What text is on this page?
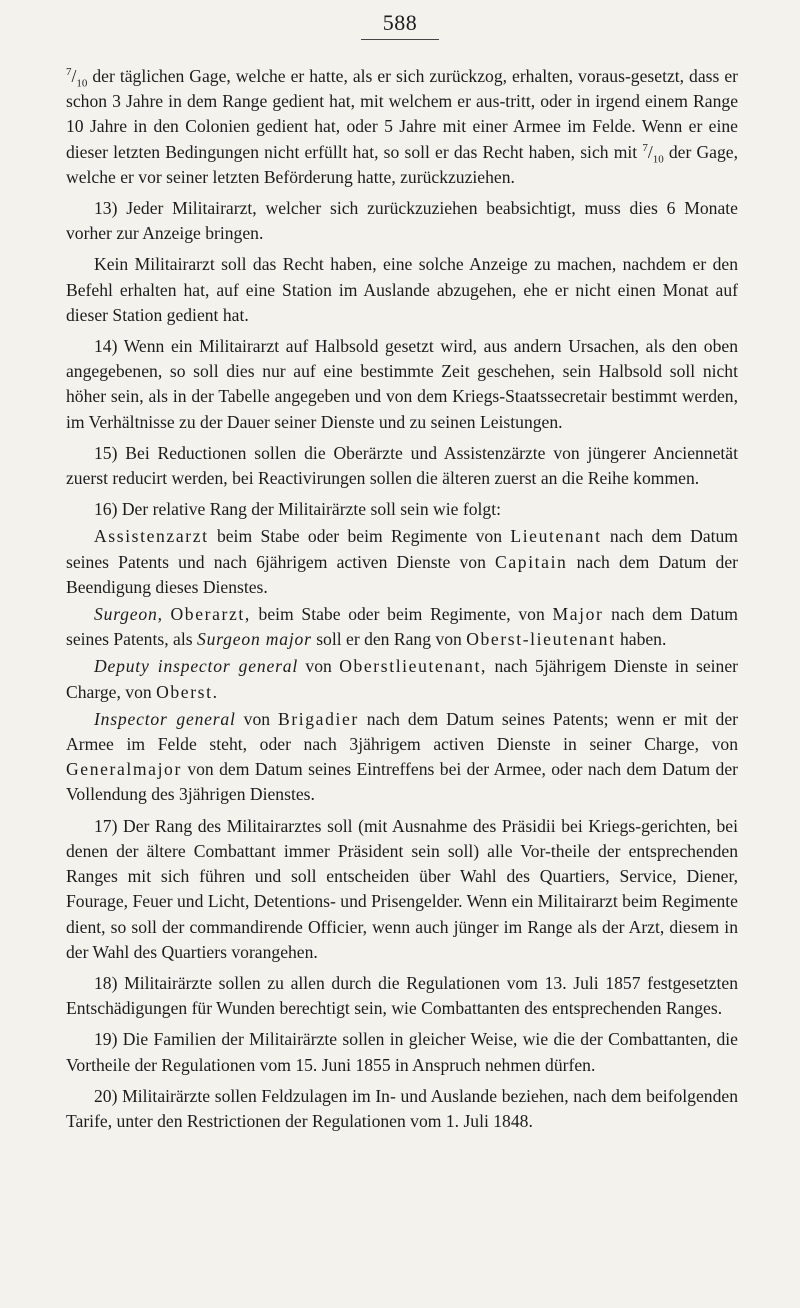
588

$^7/_{10}$ der täglichen Gage, welche er hatte, als er sich zurückzog, erhalten, voraus-gesetzt, dass er schon 3 Jahre in dem Range gedient hat, mit welchem er aus-tritt, oder in irgend einem Range 10 Jahre in den Colonien gedient hat, oder 5 Jahre mit einer Armee im Felde. Wenn er eine dieser letzten Bedingungen nicht erfüllt hat, so soll er das Recht haben, sich mit $^7/_{10}$ der Gage, welche er vor seiner letzten Beförderung hatte, zurückzuziehen.

13) Jeder Militairarzt, welcher sich zurückzuziehen beabsichtigt, muss dies 6 Monate vorher zur Anzeige bringen.

Kein Militairarzt soll das Recht haben, eine solche Anzeige zu machen, nachdem er den Befehl erhalten hat, auf eine Station im Auslande abzugehen, ehe er nicht einen Monat auf dieser Station gedient hat.

14) Wenn ein Militairarzt auf Halbsold gesetzt wird, aus andern Ursachen, als den oben angegebenen, so soll dies nur auf eine bestimmte Zeit geschehen, sein Halbsold soll nicht höher sein, als in der Tabelle angegeben und von dem Kriegs-Staatssecretair bestimmt werden, im Verhältnisse zu der Dauer seiner Dienste und zu seinen Leistungen.

15) Bei Reductionen sollen die Oberärzte und Assistenzärzte von jüngerer Anciennetät zuerst reducirt werden, bei Reactivirungen sollen die älteren zuerst an die Reihe kommen.

16) Der relative Rang der Militairärzte soll sein wie folgt:

Assistenzarzt beim Stabe oder beim Regimente von Lieutenant nach dem Datum seines Patents und nach 6jährigem activen Dienste von Capitain nach dem Datum der Beendigung dieses Dienstes.

Surgeon, Oberarzt, beim Stabe oder beim Regimente, von Major nach dem Datum seines Patents, als Surgeon major soll er den Rang von Oberst-lieutenant haben.

Deputy inspector general von Oberstlieutenant, nach 5jährigem Dienste in seiner Charge, von Oberst.

Inspector general von Brigadier nach dem Datum seines Patents; wenn er mit der Armee im Felde steht, oder nach 3jährigem activen Dienste in seiner Charge, von Generalmajor von dem Datum seines Eintreffens bei der Armee, oder nach dem Datum der Vollendung des 3jährigen Dienstes.

17) Der Rang des Militairarztes soll (mit Ausnahme des Präsidii bei Kriegs-gerichten, bei denen der ältere Combattant immer Präsident sein soll) alle Vor-theile der entsprechenden Ranges mit sich führen und soll entscheiden über Wahl des Quartiers, Service, Diener, Fourage, Feuer und Licht, Detentions- und Prisengelder. Wenn ein Militairarzt beim Regimente dient, so soll der commandirende Officier, wenn auch jünger im Range als der Arzt, diesem in der Wahl des Quartiers vorangehen.

18) Militairärzte sollen zu allen durch die Regulationen vom 13. Juli 1857 festgesetzten Entschädigungen für Wunden berechtigt sein, wie Combattanten des entsprechenden Ranges.

19) Die Familien der Militairärzte sollen in gleicher Weise, wie die der Combattanten, die Vortheile der Regulationen vom 15. Juni 1855 in Anspruch nehmen dürfen.

20) Militairärzte sollen Feldzulagen im In- und Auslande beziehen, nach dem beifolgenden Tarife, unter den Restrictionen der Regulationen vom 1. Juli 1848.
